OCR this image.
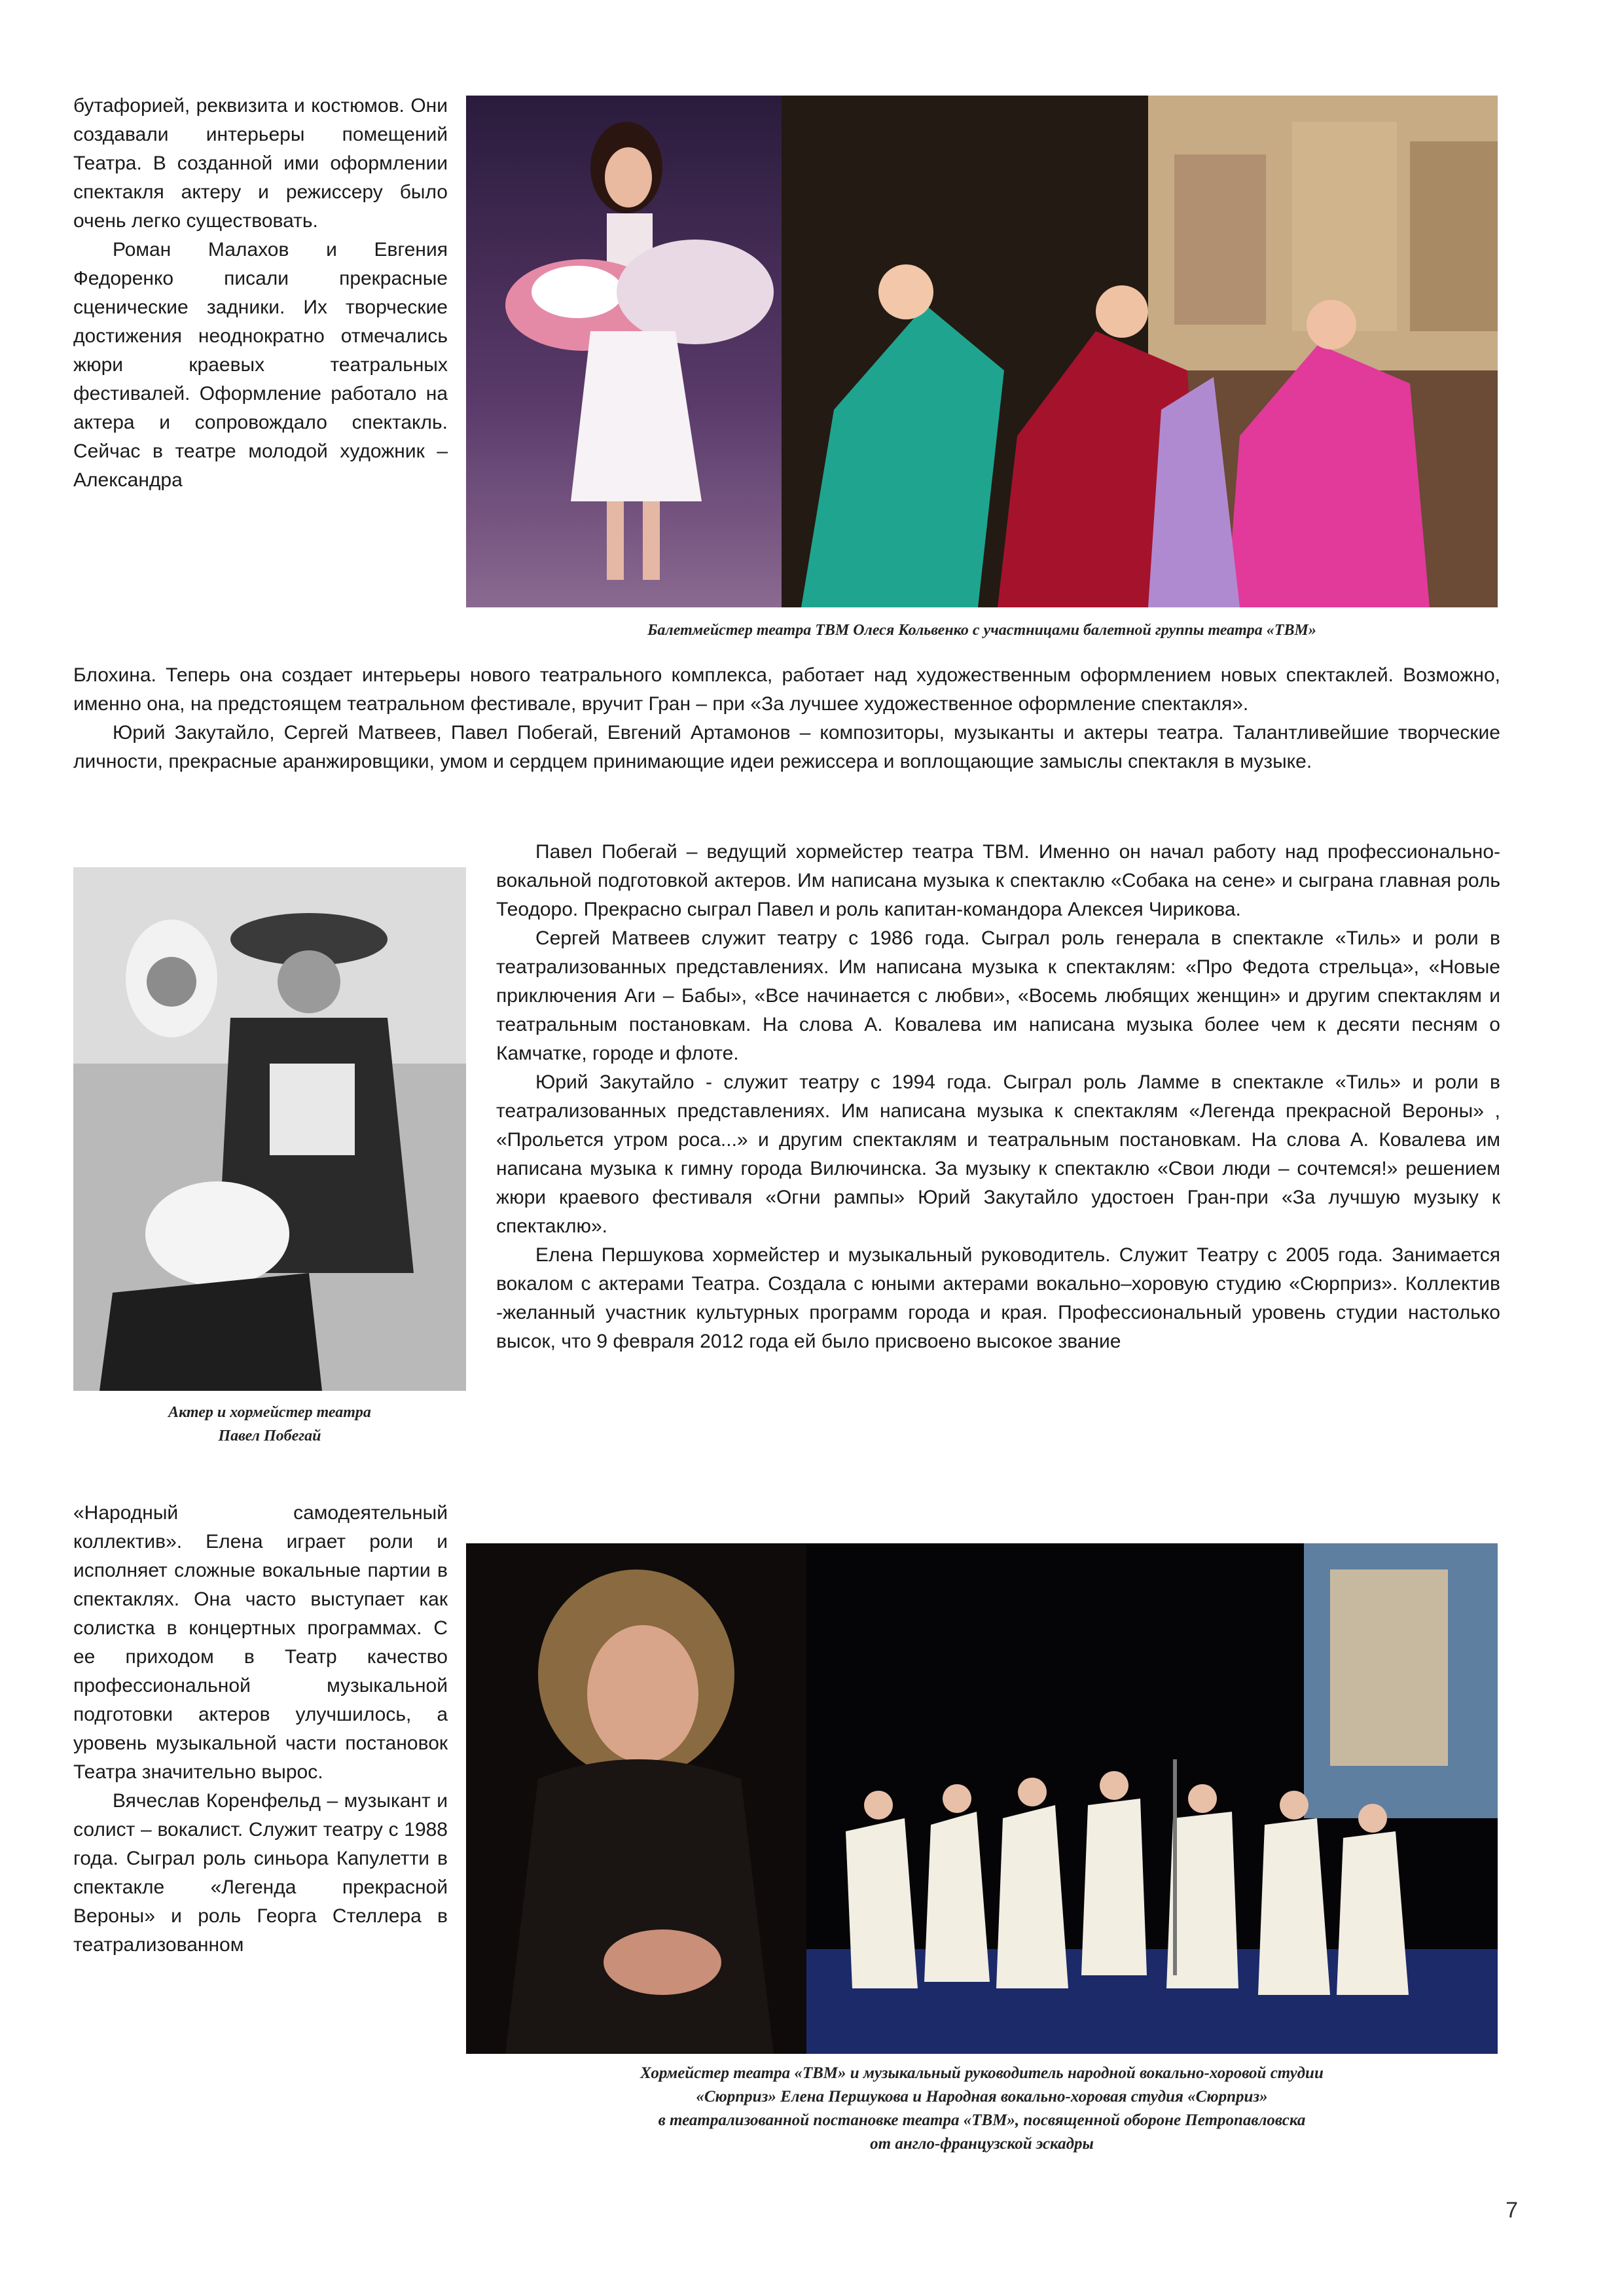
бутафорией, реквизита и костюмов. Они создавали интерьеры помещений Театра. В созданной ими оформлении спектакля актеру и режиссеру было очень легко существовать.

Роман Малахов и Евгения Федоренко писали прекрасные сценические задники. Их творческие достижения неоднократно отмечались жюри краевых театральных фестивалей. Оформление работало на актера и сопровождало спектакль. Сейчас в театре молодой художник – Александра

Балетмейстер театра ТВМ Олеся Кольвенко с участницами балетной группы театра «ТВМ»

Блохина. Теперь она создает интерьеры нового театрального комплекса, работает над художественным оформлением новых спектаклей. Возможно, именно она, на предстоящем театральном фестивале, вручит Гран – при «За лучшее художественное оформление спектакля».

Юрий Закутайло, Сергей Матвеев, Павел Побегай, Евгений Артамонов – композиторы, музыканты и актеры театра. Талантливейшие творческие личности, прекрасные аранжировщики, умом и сердцем принимающие идеи режиссера и воплощающие замыслы спектакля в музыке.

Актер и хормейстер театра
Павел Побегай

Павел Побегай – ведущий хормейстер театра ТВМ. Именно он начал работу над профессионально-вокальной подготовкой актеров. Им написана музыка к спектаклю «Собака на сене» и сыграна главная роль Теодоро. Прекрасно сыграл Павел и роль капитан-командора Алексея Чирикова.

Сергей Матвеев служит театру с 1986 года. Сыграл роль генерала в спектакле «Тиль» и роли в театрализованных представлениях. Им написана музыка к спектаклям: «Про Федота стрельца», «Новые приключения Аги – Бабы», «Все начинается с любви», «Восемь любящих женщин» и другим спектаклям и театральным постановкам. На слова А. Ковалева им написана музыка более чем к десяти песням о Камчатке, городе и флоте.

Юрий Закутайло - служит театру с 1994 года. Сыграл роль Ламме в спектакле «Тиль» и роли в театрализованных представлениях. Им написана музыка к спектаклям «Легенда прекрасной Вероны» , «Прольется утром роса...» и другим спектаклям и театральным постановкам. На слова А. Ковалева им написана музыка к гимну города Вилючинска. За музыку к спектаклю «Свои люди – сочтемся!» решением жюри краевого фестиваля «Огни рампы» Юрий Закутайло удостоен Гран-при «За лучшую музыку к спектаклю».

Елена Першукова хормейстер и музыкальный руководитель. Служит Театру с 2005 года. Занимается вокалом с актерами Театра. Создала с юными актерами вокально–хоровую студию «Сюрприз». Коллектив -желанный участник культурных программ города и края. Профессиональный уровень студии настолько высок, что 9 февраля 2012 года ей было присвоено высокое звание

«Народный самодеятельный коллектив». Елена играет роли и исполняет сложные вокальные партии в спектаклях. Она часто выступает как солистка в концертных программах. С ее приходом в Театр качество профессиональной музыкальной подготовки актеров улучшилось, а уровень музыкальной части постановок Театра значительно вырос.

Вячеслав Коренфельд – музыкант и солист – вокалист. Служит театру с 1988 года. Сыграл роль синьора Капулетти в спектакле «Легенда прекрасной Вероны» и роль Георга Стеллера в театрализованном

Хормейстер театра «ТВМ» и музыкальный руководитель народной вокально-хоровой студии
«Сюрприз» Елена Першукова и Народная вокально-хоровая студия «Сюрприз»
в театрализованной постановке театра «ТВМ», посвященной обороне Петропавловска
от англо-французской эскадры
7
